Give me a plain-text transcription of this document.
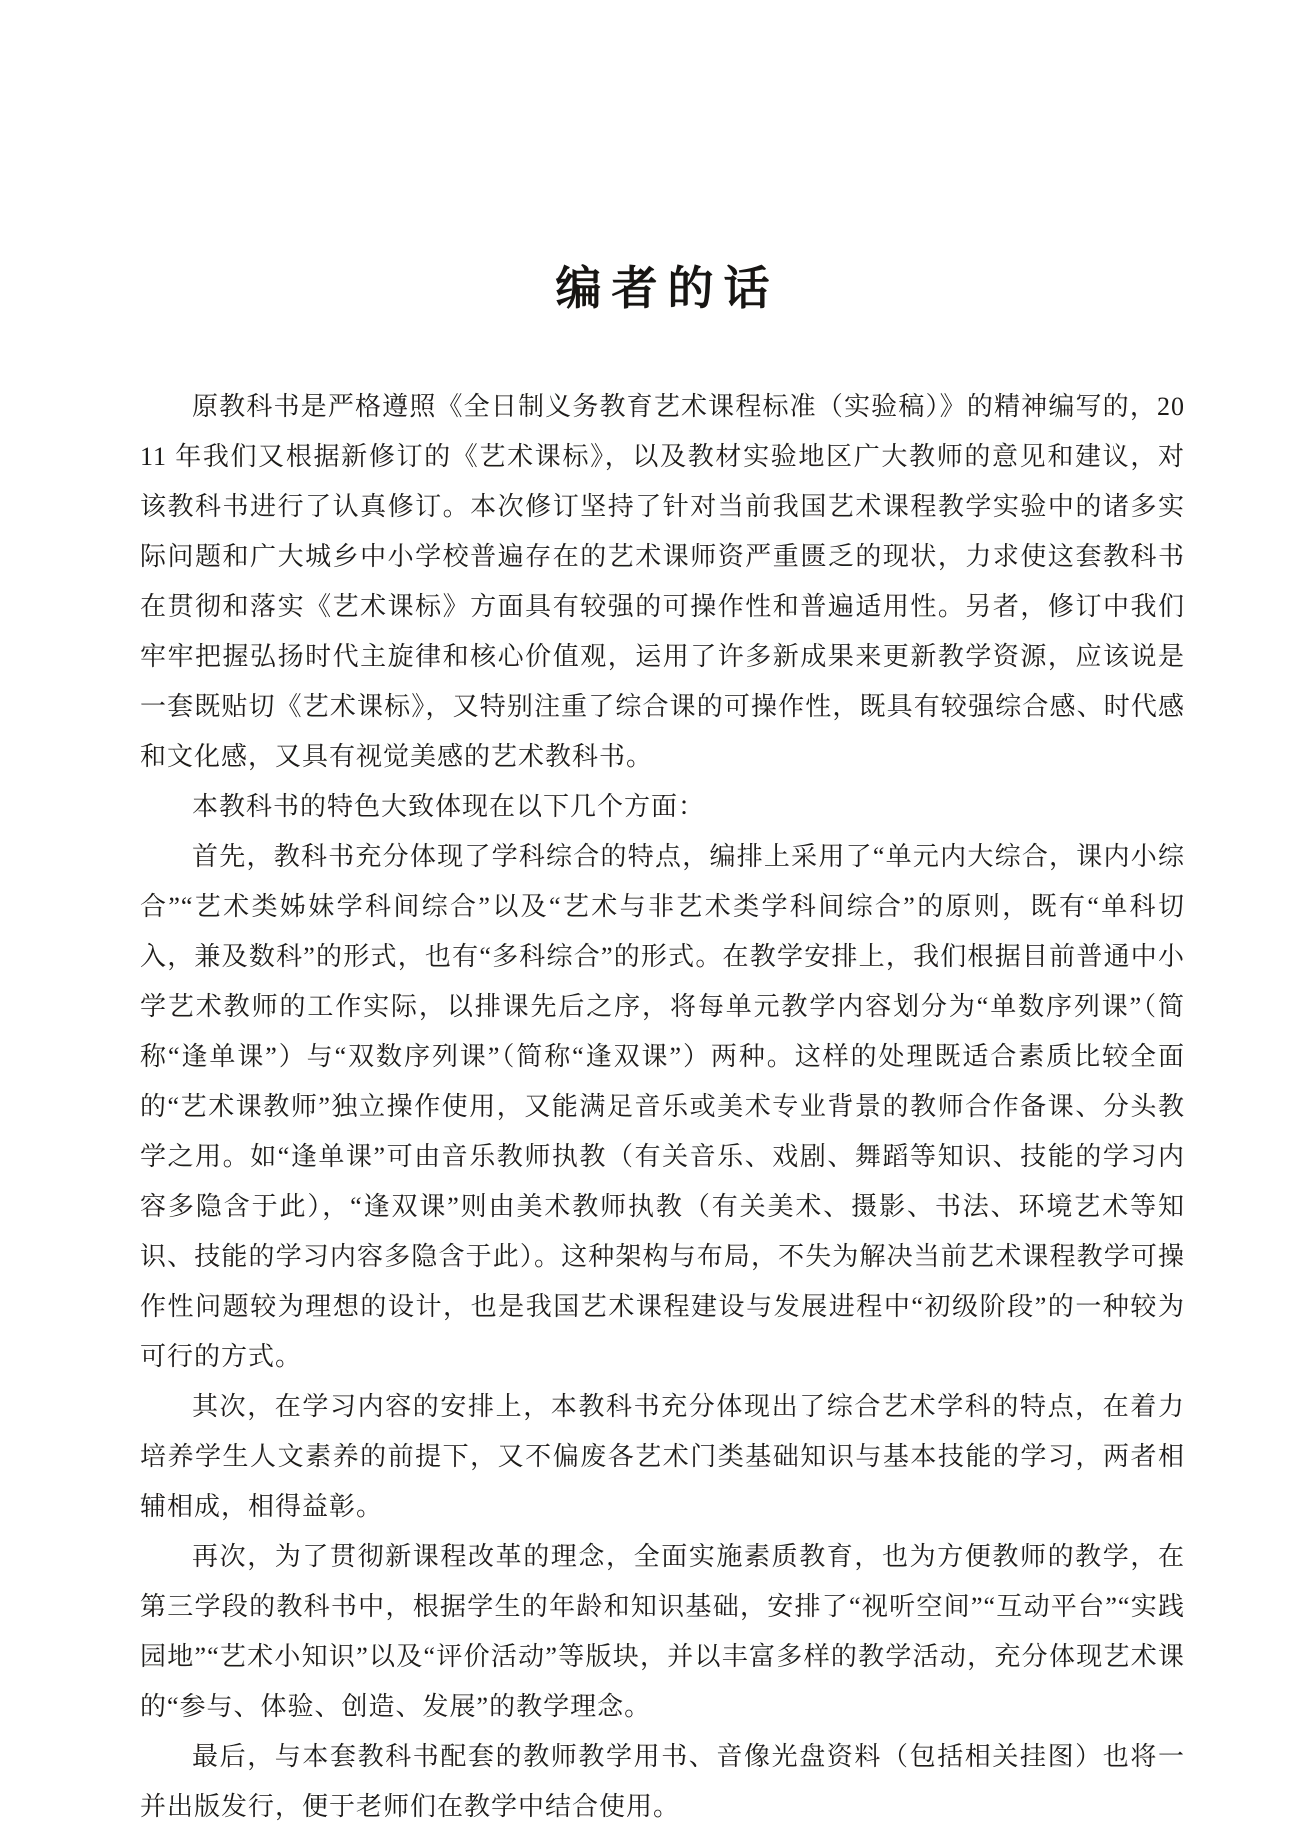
编者的话

原教科书是严格遵照《全日制义务教育艺术课程标准（实验稿）》的精神编写的，2011 年我们又根据新修订的《艺术课标》，以及教材实验地区广大教师的意见和建议，对该教科书进行了认真修订。本次修订坚持了针对当前我国艺术课程教学实验中的诸多实际问题和广大城乡中小学校普遍存在的艺术课师资严重匮乏的现状，力求使这套教科书在贯彻和落实《艺术课标》方面具有较强的可操作性和普遍适用性。另者，修订中我们牢牢把握弘扬时代主旋律和核心价值观，运用了许多新成果来更新教学资源，应该说是一套既贴切《艺术课标》，又特别注重了综合课的可操作性，既具有较强综合感、时代感和文化感，又具有视觉美感的艺术教科书。

本教科书的特色大致体现在以下几个方面：

首先，教科书充分体现了学科综合的特点，编排上采用了“单元内大综合，课内小综合”“艺术类姊妹学科间综合”以及“艺术与非艺术类学科间综合”的原则，既有“单科切入，兼及数科”的形式，也有“多科综合”的形式。在教学安排上，我们根据目前普通中小学艺术教师的工作实际，以排课先后之序，将每单元教学内容划分为“单数序列课”（简称“逢单课”）与“双数序列课”（简称“逢双课”）两种。这样的处理既适合素质比较全面的“艺术课教师”独立操作使用，又能满足音乐或美术专业背景的教师合作备课、分头教学之用。如“逢单课”可由音乐教师执教（有关音乐、戏剧、舞蹈等知识、技能的学习内容多隐含于此），“逢双课”则由美术教师执教（有关美术、摄影、书法、环境艺术等知识、技能的学习内容多隐含于此）。这种架构与布局，不失为解决当前艺术课程教学可操作性问题较为理想的设计，也是我国艺术课程建设与发展进程中“初级阶段”的一种较为可行的方式。

其次，在学习内容的安排上，本教科书充分体现出了综合艺术学科的特点，在着力培养学生人文素养的前提下，又不偏废各艺术门类基础知识与基本技能的学习，两者相辅相成，相得益彰。

再次，为了贯彻新课程改革的理念，全面实施素质教育，也为方便教师的教学，在第三学段的教科书中，根据学生的年龄和知识基础，安排了“视听空间”“互动平台”“实践园地”“艺术小知识”以及“评价活动”等版块，并以丰富多样的教学活动，充分体现艺术课的“参与、体验、创造、发展”的教学理念。

最后，与本套教科书配套的教师教学用书、音像光盘资料（包括相关挂图）也将一并出版发行，便于老师们在教学中结合使用。
